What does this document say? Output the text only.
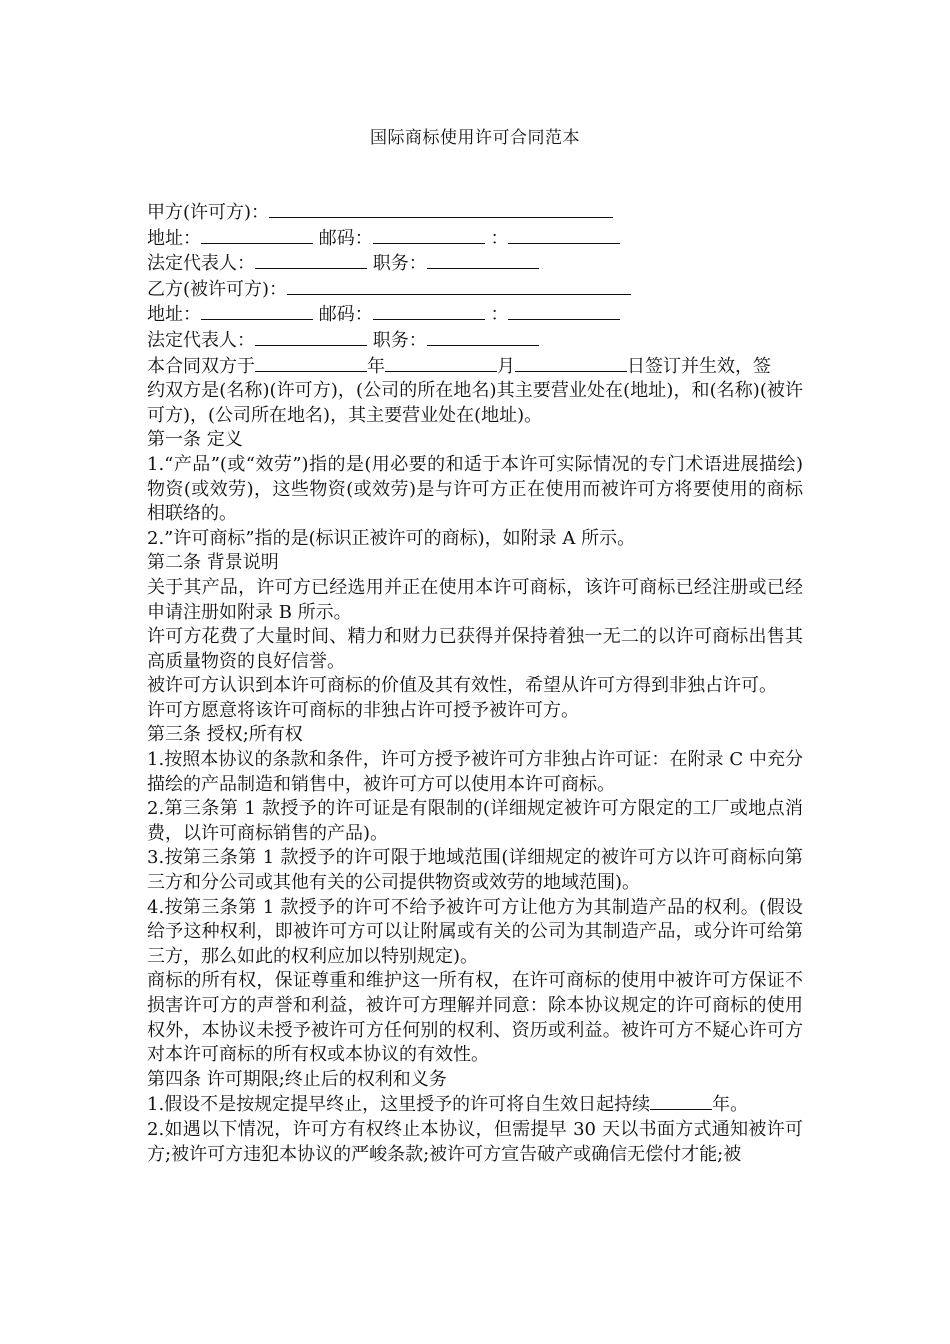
国际商标使用许可合同范本
甲方(许可方)：
地址：	邮码：	：
法定代表人：	职务：
乙方(被许可方)：
地址：	邮码：	：
法定代表人：	职务：
本合同双方于	年	月	日签订并生效，签
约双方是(名称)(许可方)，(公司的所在地名)其主要营业处在(地址)，和(名称)(被许可方)，(公司所在地名)，其主要营业处在(地址)。
第一条 定义
1.“产品”(或“效劳”)指的是(用必要的和适于本许可实际情况的专门术语进展描绘)物资(或效劳)，这些物资(或效劳)是与许可方正在使用而被许可方将要使用的商标相联络的。
2.”许可商标”指的是(标识正被许可的商标)，如附录 A 所示。
第二条 背景说明
关于其产品，许可方已经选用并正在使用本许可商标，该许可商标已经注册或已经申请注册如附录 B 所示。
许可方花费了大量时间、精力和财力已获得并保持着独一无二的以许可商标出售其高质量物资的良好信誉。
被许可方认识到本许可商标的价值及其有效性，希望从许可方得到非独占许可。
许可方愿意将该许可商标的非独占许可授予被许可方。
第三条 授权;所有权
1.按照本协议的条款和条件，许可方授予被许可方非独占许可证：在附录 C 中充分描绘的产品制造和销售中，被许可方可以使用本许可商标。
2.第三条第 1 款授予的许可证是有限制的(详细规定被许可方限定的工厂或地点消费，以许可商标销售的产品)。
3.按第三条第 1 款授予的许可限于地域范围(详细规定的被许可方以许可商标向第三方和分公司或其他有关的公司提供物资或效劳的地域范围)。
4.按第三条第 1 款授予的许可不给予被许可方让他方为其制造产品的权利。(假设给予这种权利，即被许可方可以让附属或有关的公司为其制造产品，或分许可给第三方，那么如此的权利应加以特别规定)。
商标的所有权，保证尊重和维护这一所有权，在许可商标的使用中被许可方保证不损害许可方的声誉和利益，被许可方理解并同意：除本协议规定的许可商标的使用权外，本协议未授予被许可方任何别的权利、资历或利益。被许可方不疑心许可方对本许可商标的所有权或本协议的有效性。
第四条 许可期限;终止后的权利和义务
1.假设不是按规定提早终止，这里授予的许可将自生效日起持续	年。
2.如遇以下情况，许可方有权终止本协议，但需提早 30 天以书面方式通知被许可方;被许可方违犯本协议的严峻条款;被许可方宣告破产或确信无偿付才能;被
